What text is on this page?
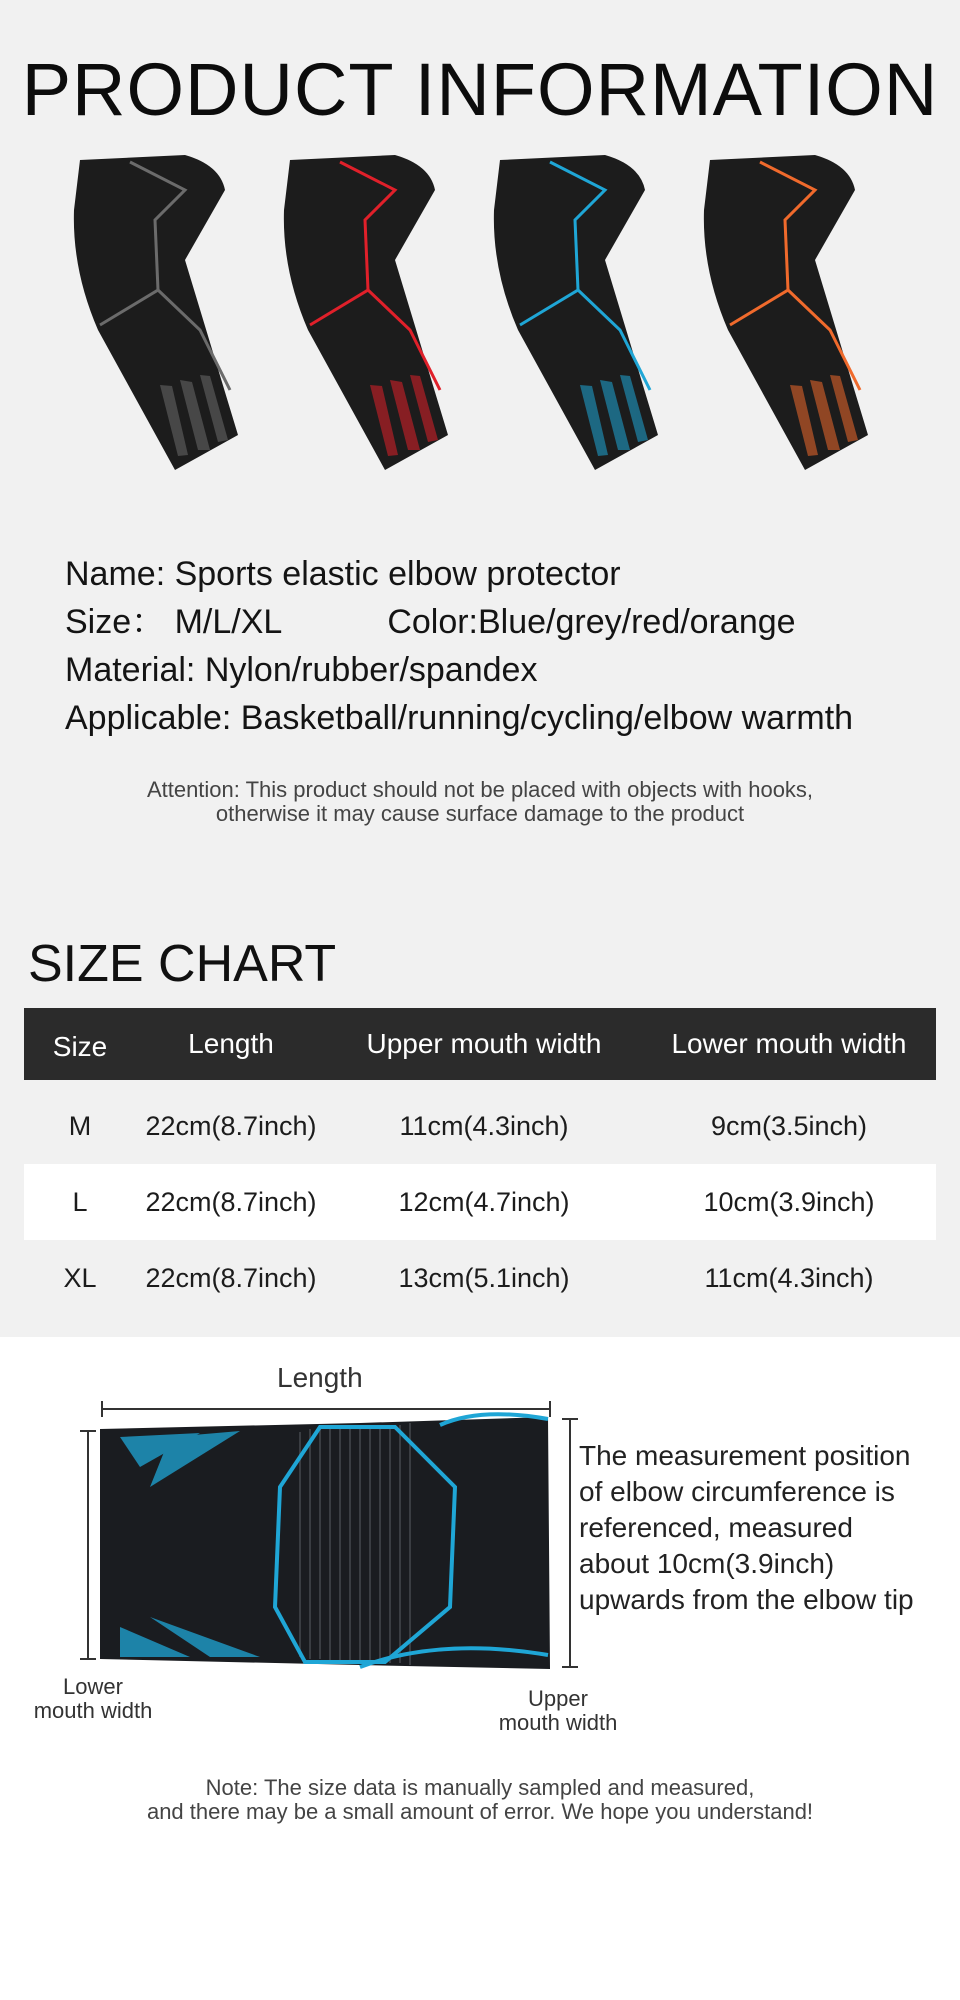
PRODUCT INFORMATION
Name: Sports elastic elbow protector
Size： M/L/XL	Color:Blue/grey/red/orange
Material: Nylon/rubber/spandex
Applicable: Basketball/running/cycling/elbow warmth
Attention: This product should not be placed with objects with hooks,
otherwise it may cause surface damage to the product
SIZE CHART
Size	Length	Upper mouth width	Lower mouth width
M	22cm(8.7inch)	11cm(4.3inch)	9cm(3.5inch)
L	22cm(8.7inch)	12cm(4.7inch)	10cm(3.9inch)
XL	22cm(8.7inch)	13cm(5.1inch)	11cm(4.3inch)
Length
The measurement position
of elbow circumference is
referenced, measured
about 10cm(3.9inch)
upwards from the elbow tip
Lower
mouth width	Upper
mouth width
Note: The size data is manually sampled and measured,
and there may be a small amount of error. We hope you understand!
